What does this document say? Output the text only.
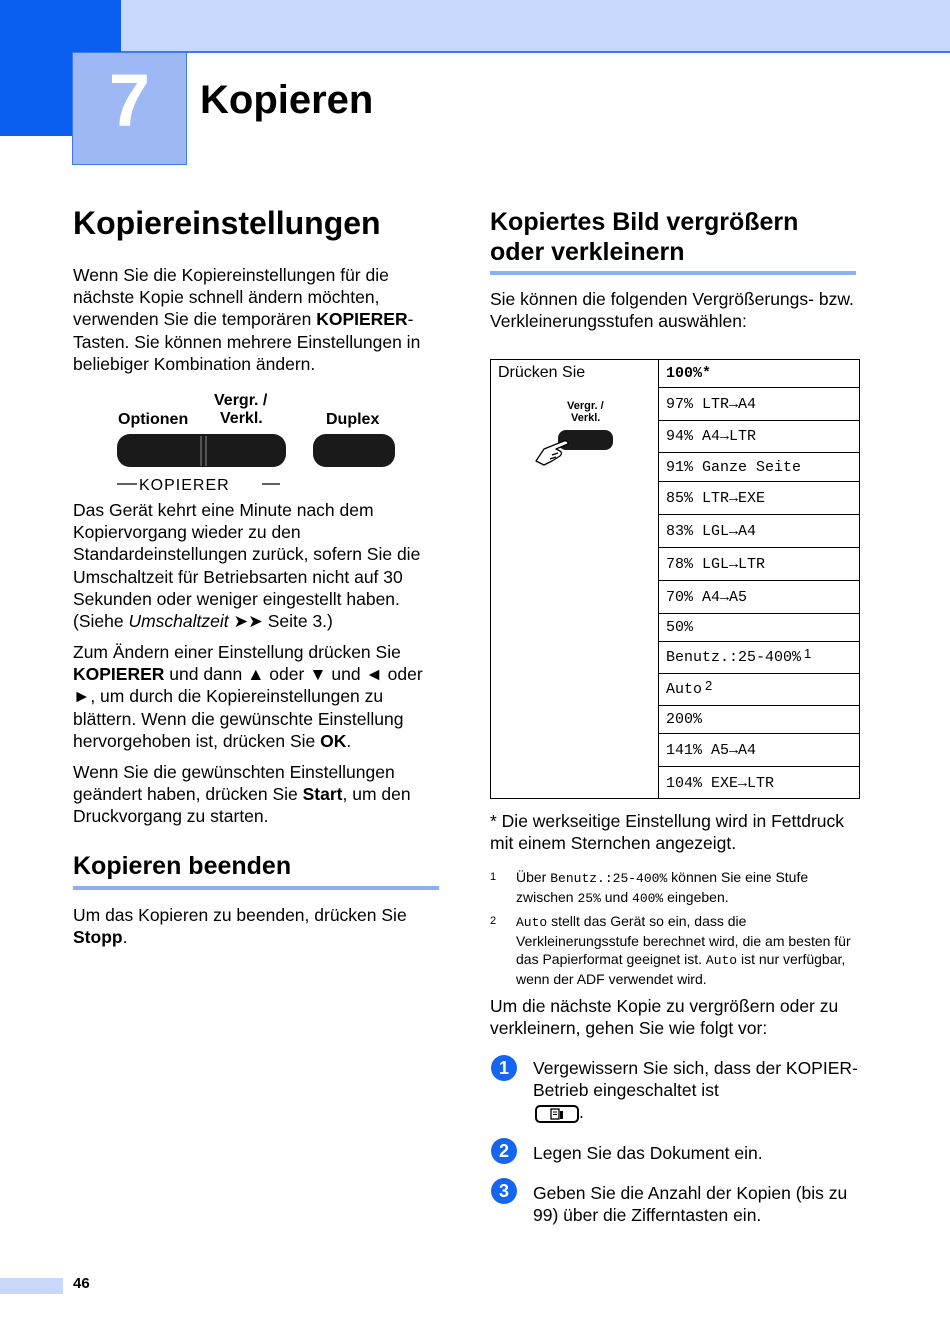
7	Kopieren
Kopiereinstellungen

Wenn Sie die Kopiereinstellungen für die nächste Kopie schnell ändern möchten, verwenden Sie die temporären KOPIERER-Tasten. Sie können mehrere Einstellungen in beliebiger Kombination ändern.

Optionen
Vergr. /
Verkl.	Duplex
KOPIERER

Das Gerät kehrt eine Minute nach dem Kopiervorgang wieder zu den Standardeinstellungen zurück, sofern Sie die Umschaltzeit für Betriebsarten nicht auf 30 Sekunden oder weniger eingestellt haben. (Siehe Umschaltzeit ➤➤ Seite 3.)

Zum Ändern einer Einstellung drücken Sie KOPIERER und dann ▲ oder ▼ und ◄ oder ►, um durch die Kopiereinstellungen zu blättern. Wenn die gewünschte Einstellung hervorgehoben ist, drücken Sie OK.

Wenn Sie die gewünschten Einstellungen geändert haben, drücken Sie Start, um den Druckvorgang zu starten.

Kopieren beenden

Um das Kopieren zu beenden, drücken Sie Stopp.

Kopiertes Bild vergrößern
oder verkleinern

Sie können die folgenden Vergrößerungs- bzw. Verkleinerungsstufen auswählen:

Drücken Sie
Vergr. /
Verkl.
100%*
97% LTR→A4
94% A4→LTR
91% Ganze Seite
85% LTR→EXE
83% LGL→A4
78% LGL→LTR
70% A4→A5
50%
Benutz.:25-400%$^1$
Auto$^2$
200%
141% A5→A4
104% EXE→LTR

* Die werkseitige Einstellung wird in Fettdruck mit einem Sternchen angezeigt.

1 Über Benutz.:25-400% können Sie eine Stufe zwischen 25% und 400% eingeben.
2 Auto stellt das Gerät so ein, dass die Verkleinerungsstufe berechnet wird, die am besten für das Papierformat geeignet ist. Auto ist nur verfügbar, wenn der ADF verwendet wird.

Um die nächste Kopie zu vergrößern oder zu verkleinern, gehen Sie wie folgt vor:

1	Vergewissern Sie sich, dass der KOPIER-Betrieb eingeschaltet ist

.
2	Legen Sie das Dokument ein.
3	Geben Sie die Anzahl der Kopien (bis zu 99) über die Zifferntasten ein.
46
